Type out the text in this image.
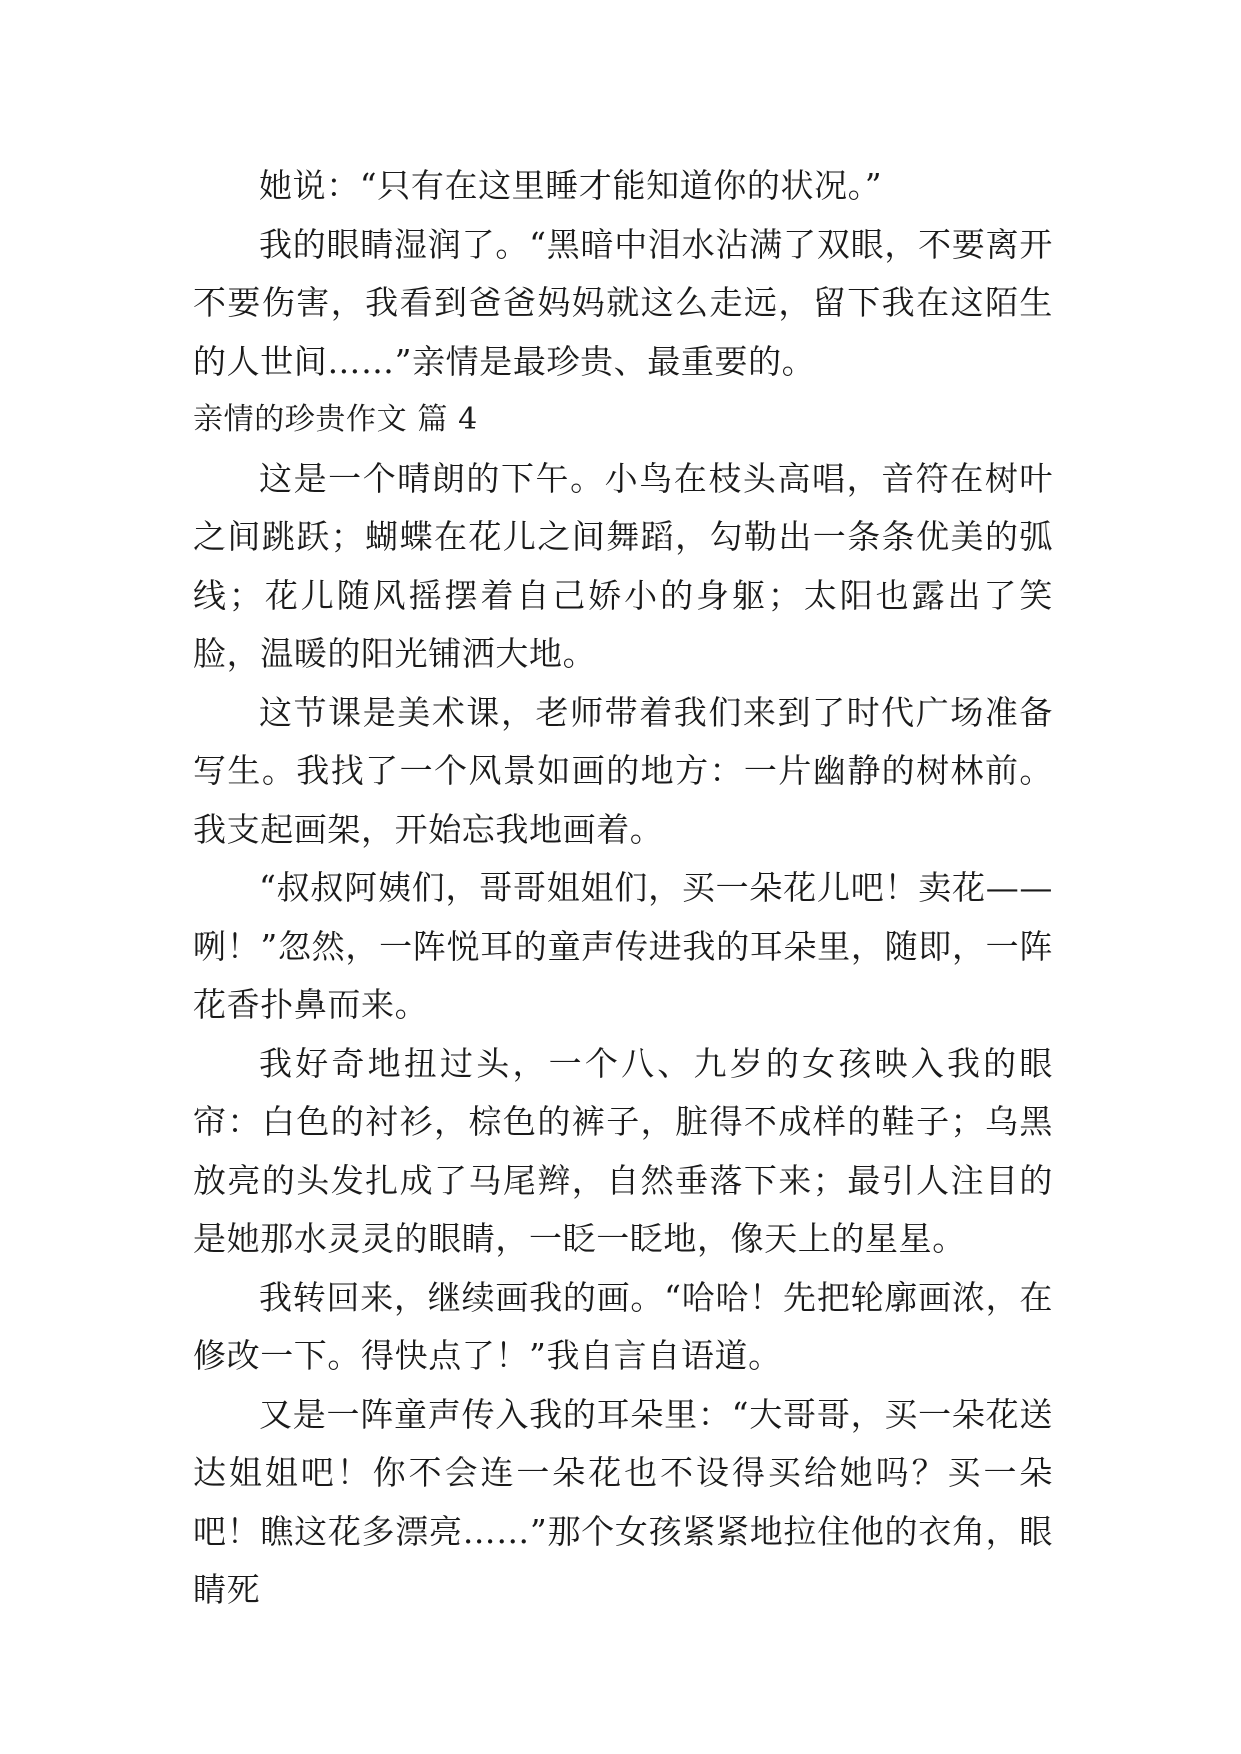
她说：“只有在这里睡才能知道你的状况。”

我的眼睛湿润了。“黑暗中泪水沾满了双眼，不要离开不要伤害，我看到爸爸妈妈就这么走远，留下我在这陌生的人世间……”亲情是最珍贵、最重要的。

亲情的珍贵作文 篇 4

这是一个晴朗的下午。小鸟在枝头高唱，音符在树叶之间跳跃；蝴蝶在花儿之间舞蹈，勾勒出一条条优美的弧线；花儿随风摇摆着自己娇小的身躯；太阳也露出了笑脸，温暖的阳光铺洒大地。

这节课是美术课，老师带着我们来到了时代广场准备写生。我找了一个风景如画的地方：一片幽静的树林前。我支起画架，开始忘我地画着。

“叔叔阿姨们，哥哥姐姐们，买一朵花儿吧！卖花——咧！”忽然，一阵悦耳的童声传进我的耳朵里，随即，一阵花香扑鼻而来。

我好奇地扭过头，一个八、九岁的女孩映入我的眼帘：白色的衬衫，棕色的裤子，脏得不成样的鞋子；乌黑放亮的头发扎成了马尾辫，自然垂落下来；最引人注目的是她那水灵灵的眼睛，一眨一眨地，像天上的星星。

我转回来，继续画我的画。“哈哈！先把轮廓画浓，在修改一下。得快点了！”我自言自语道。

又是一阵童声传入我的耳朵里：“大哥哥，买一朵花送达姐姐吧！你不会连一朵花也不设得买给她吗？买一朵吧！瞧这花多漂亮……”那个女孩紧紧地拉住他的衣角，眼睛死
